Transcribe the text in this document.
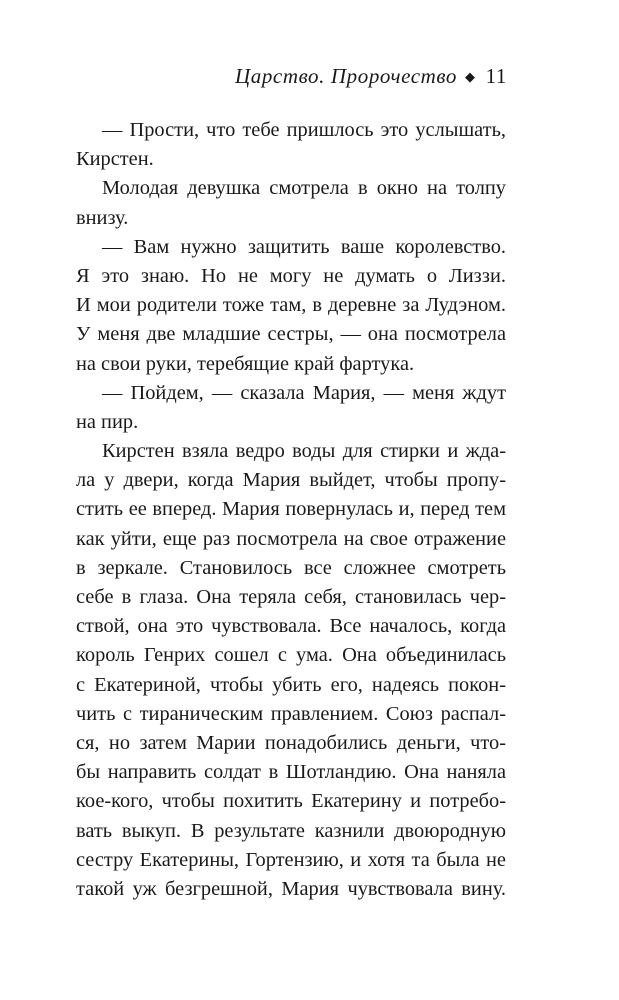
Царство. Пророчество ◆ 11
— Прости, что тебе пришлось это услышать,
Кирстен.
Молодая девушка смотрела в окно на толпу
внизу.
— Вам нужно защитить ваше королевство.
Я это знаю. Но не могу не думать о Лиззи.
И мои родители тоже там, в деревне за Лудэном.
У меня две младшие сестры, — она посмотрела
на свои руки, теребящие край фартука.
— Пойдем, — сказала Мария, — меня ждут
на пир.
Кирстен взяла ведро воды для стирки и жда-
ла у двери, когда Мария выйдет, чтобы пропу-
стить ее вперед. Мария повернулась и, перед тем
как уйти, еще раз посмотрела на свое отражение
в зеркале. Становилось все сложнее смотреть
себе в глаза. Она теряла себя, становилась чер-
ствой, она это чувствовала. Все началось, когда
король Генрих сошел с ума. Она объединилась
с Екатериной, чтобы убить его, надеясь покон-
чить с тираническим правлением. Союз распал-
ся, но затем Марии понадобились деньги, что-
бы направить солдат в Шотландию. Она наняла
кое-кого, чтобы похитить Екатерину и потребо-
вать выкуп. В результате казнили двоюродную
сестру Екатерины, Гортензию, и хотя та была не
такой уж безгрешной, Мария чувствовала вину.
